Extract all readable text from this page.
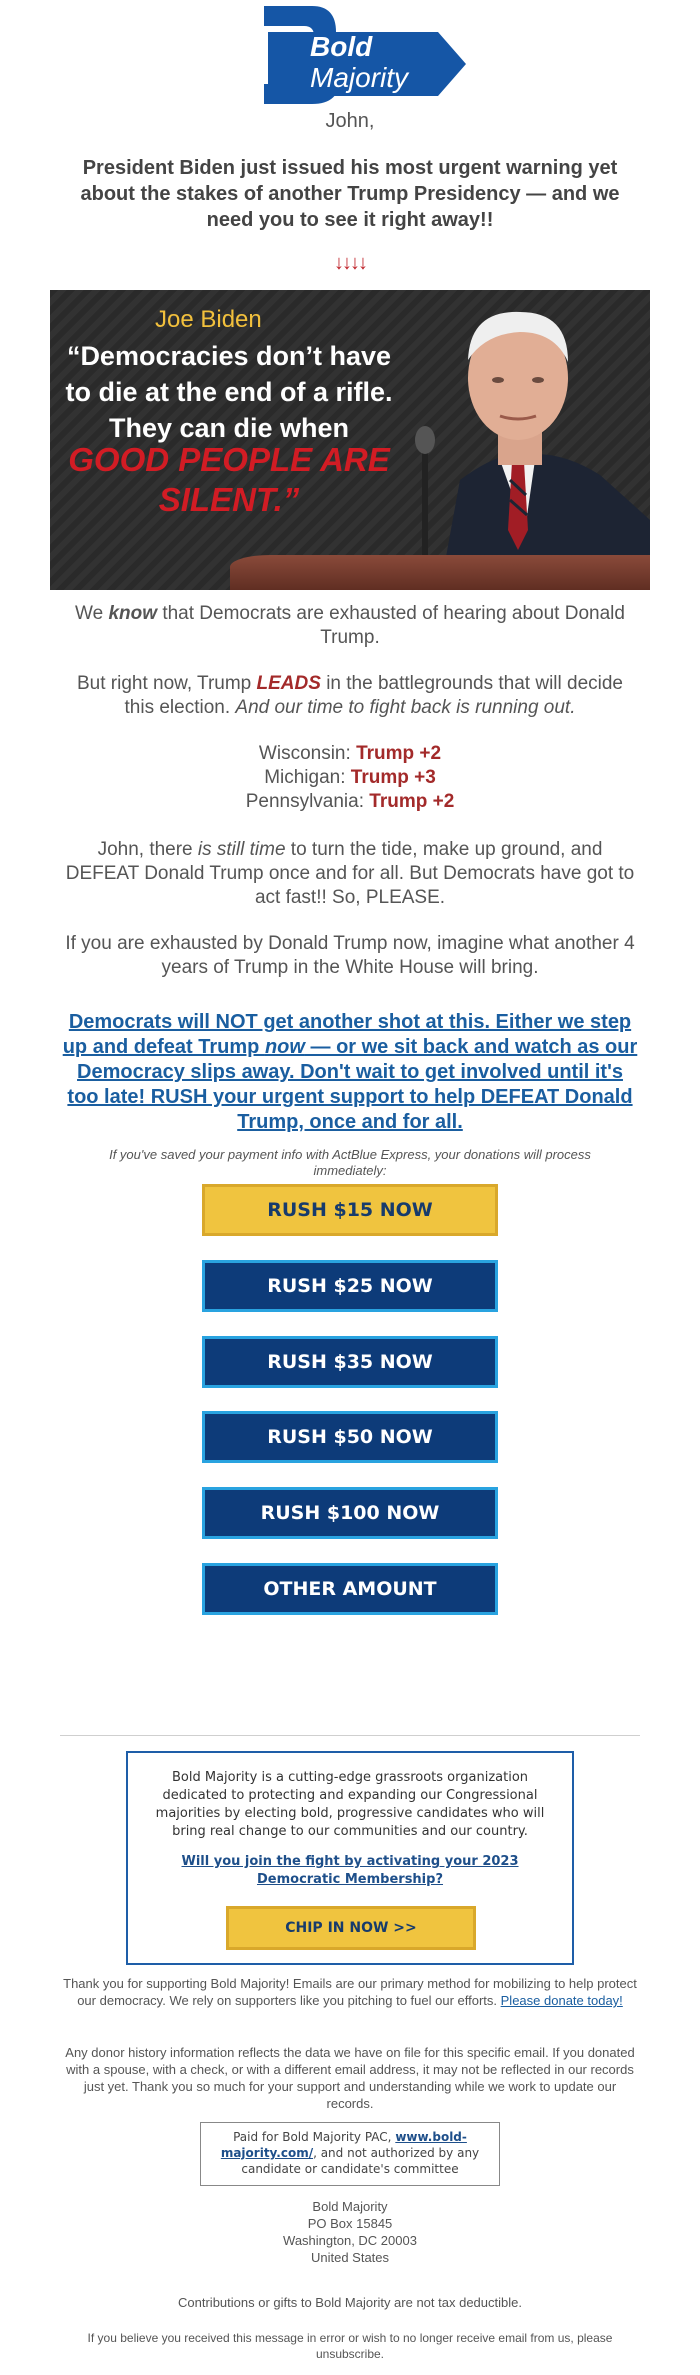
Bold
Majority
John,
President Biden just issued his most urgent warning yet about the stakes of another Trump Presidency — and we need you to see it right away!!
↓↓↓↓
Joe Biden
“Democracies don’t have to die at the end of a rifle. They can die when
GOOD PEOPLE ARE SILENT.”
We know that Democrats are exhausted of hearing about Donald Trump.
But right now, Trump LEADS in the battlegrounds that will decide this election. And our time to fight back is running out.
Wisconsin: Trump +2
Michigan: Trump +3
Pennsylvania: Trump +2
John, there is still time to turn the tide, make up ground, and DEFEAT Donald Trump once and for all. But Democrats have got to act fast!! So, PLEASE.
If you are exhausted by Donald Trump now, imagine what another 4 years of Trump in the White House will bring.
Democrats will NOT get another shot at this. Either we step up and defeat Trump now — or we sit back and watch as our Democracy slips away. Don't wait to get involved until it's too late! RUSH your urgent support to help DEFEAT Donald Trump, once and for all.
If you've saved your payment info with ActBlue Express, your donations will process immediately:
RUSH $15 NOW
RUSH $25 NOW
RUSH $35 NOW
RUSH $50 NOW
RUSH $100 NOW
OTHER AMOUNT
Bold Majority is a cutting-edge grassroots organization dedicated to protecting and expanding our Congressional majorities by electing bold, progressive candidates who will bring real change to our communities and our country.
Will you join the fight by activating your 2023 Democratic Membership?
CHIP IN NOW >>
Thank you for supporting Bold Majority! Emails are our primary method for mobilizing to help protect our democracy. We rely on supporters like you pitching to fuel our efforts. Please donate today!
Any donor history information reflects the data we have on file for this specific email. If you donated with a spouse, with a check, or with a different email address, it may not be reflected in our records just yet. Thank you so much for your support and understanding while we work to update our records.
Paid for Bold Majority PAC, www.bold-majority.com/, and not authorized by any candidate or candidate's committee
Bold Majority
PO Box 15845
Washington, DC 20003
United States
Contributions or gifts to Bold Majority are not tax deductible.
If you believe you received this message in error or wish to no longer receive email from us, please unsubscribe.
